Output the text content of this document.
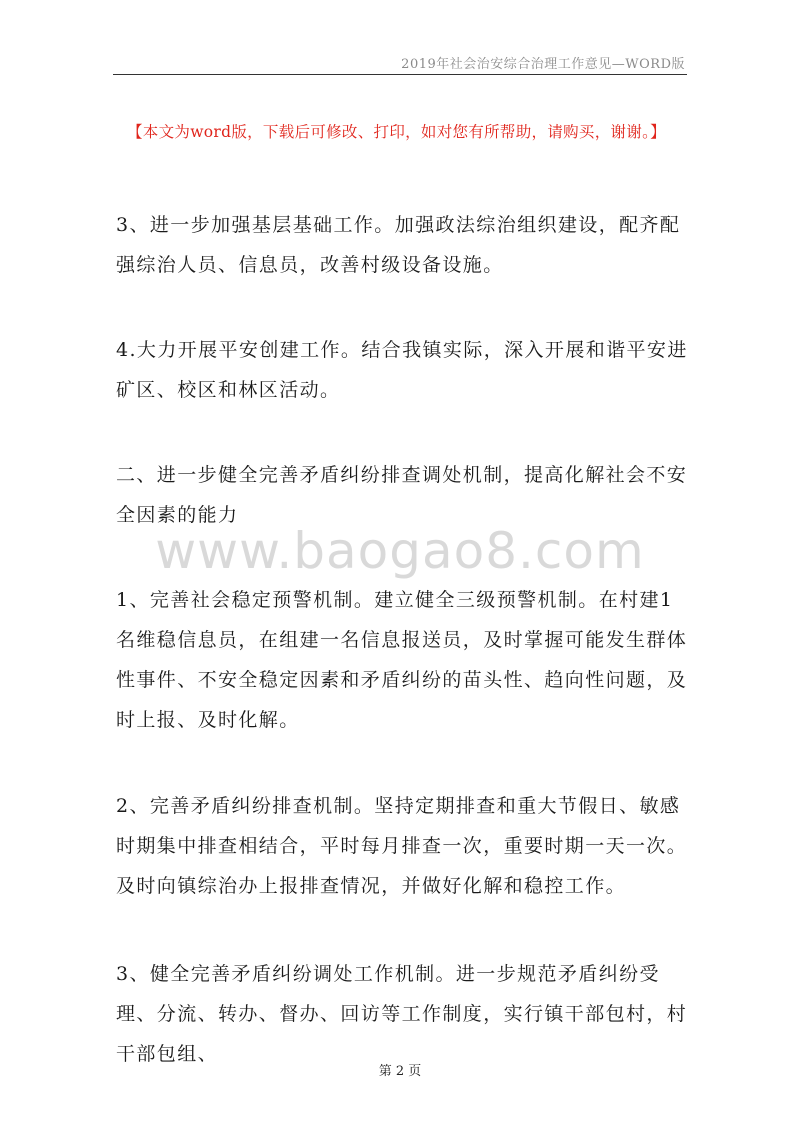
2019年社会治安综合治理工作意见—WORD版
【本文为word版，下载后可修改、打印，如对您有所帮助，请购买，谢谢。】

3、进一步加强基层基础工作。加强政法综治组织建设，配齐配强综治人员、信息员，改善村级设备设施。

4.大力开展平安创建工作。结合我镇实际，深入开展和谐平安进矿区、校区和林区活动。

二、进一步健全完善矛盾纠纷排查调处机制，提高化解社会不安全因素的能力

www.baogao8.com

1、完善社会稳定预警机制。建立健全三级预警机制。在村建1名维稳信息员，在组建一名信息报送员，及时掌握可能发生群体性事件、不安全稳定因素和矛盾纠纷的苗头性、趋向性问题，及时上报、及时化解。

2、完善矛盾纠纷排查机制。坚持定期排查和重大节假日、敏感时期集中排查相结合，平时每月排查一次，重要时期一天一次。及时向镇综治办上报排查情况，并做好化解和稳控工作。

3、健全完善矛盾纠纷调处工作机制。进一步规范矛盾纠纷受理、分流、转办、督办、回访等工作制度，实行镇干部包村，村干部包组、

第 2 页
